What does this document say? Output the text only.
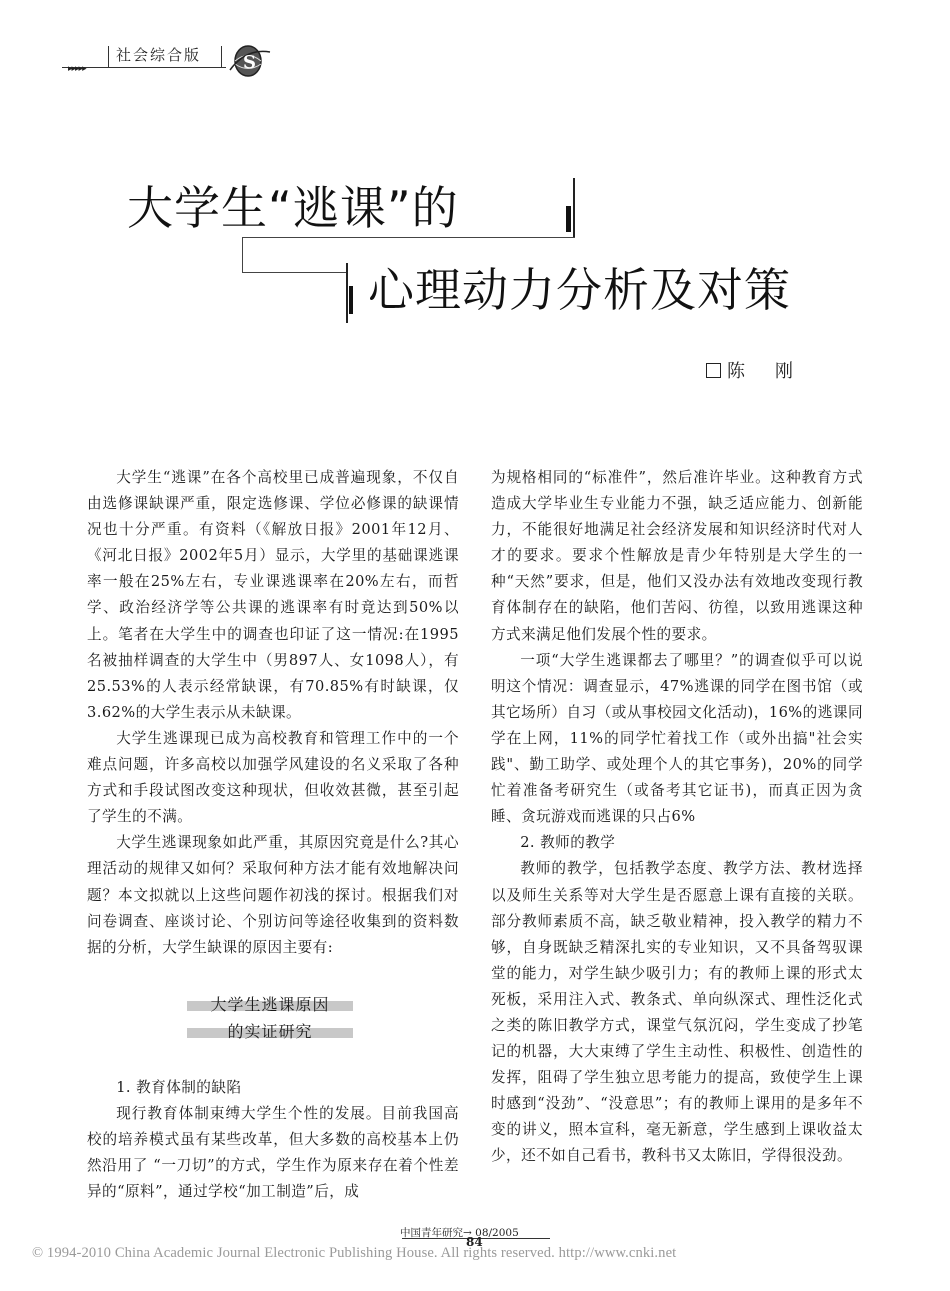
社会综合版
▸▸▸▸▸	S
大学生“逃课”的
心理动力分析及对策
陈　刚

大学生“逃课”在各个高校里已成普遍现象，不仅自由选修课缺课严重，限定选修课、学位必修课的缺课情况也十分严重。有资料（《解放日报》2001年12月、《河北日报》2002年5月）显示，大学里的基础课逃课率一般在25%左右，专业课逃课率在20%左右，而哲学、政治经济学等公共课的逃课率有时竟达到50%以上。笔者在大学生中的调查也印证了这一情况:在1995名被抽样调查的大学生中（男897人、女1098人），有25.53%的人表示经常缺课，有70.85%有时缺课，仅3.62%的大学生表示从未缺课。

大学生逃课现已成为高校教育和管理工作中的一个难点问题，许多高校以加强学风建设的名义采取了各种方式和手段试图改变这种现状，但收效甚微，甚至引起了学生的不满。

大学生逃课现象如此严重，其原因究竟是什么?其心理活动的规律又如何？采取何种方法才能有效地解决问题？本文拟就以上这些问题作初浅的探讨。根据我们对问卷调查、座谈讨论、个别访问等途径收集到的资料数据的分析，大学生缺课的原因主要有:

大学生逃课原因
的实证研究

1. 教育体制的缺陷

现行教育体制束缚大学生个性的发展。目前我国高校的培养模式虽有某些改革，但大多数的高校基本上仍然沿用了 “一刀切”的方式，学生作为原来存在着个性差异的“原料”，通过学校“加工制造”后，成

为规格相同的“标准件”，然后准许毕业。这种教育方式造成大学毕业生专业能力不强，缺乏适应能力、创新能力，不能很好地满足社会经济发展和知识经济时代对人才的要求。要求个性解放是青少年特别是大学生的一种“天然”要求，但是，他们又没办法有效地改变现行教育体制存在的缺陷，他们苦闷、彷徨，以致用逃课这种方式来满足他们发展个性的要求。

一项“大学生逃课都去了哪里？”的调查似乎可以说明这个情况：调查显示，47%逃课的同学在图书馆（或其它场所）自习（或从事校园文化活动)，16%的逃课同学在上网，11%的同学忙着找工作（或外出搞"社会实践"、勤工助学、或处理个人的其它事务)，20%的同学忙着准备考研究生（或备考其它证书)，而真正因为贪睡、贪玩游戏而逃课的只占6%

2. 教师的教学

教师的教学，包括教学态度、教学方法、教材选择以及师生关系等对大学生是否愿意上课有直接的关联。部分教师素质不高，缺乏敬业精神，投入教学的精力不够，自身既缺乏精深扎实的专业知识，又不具备驾驭课堂的能力，对学生缺少吸引力；有的教师上课的形式太死板，采用注入式、教条式、单向纵深式、理性泛化式之类的陈旧教学方式，课堂气氛沉闷，学生变成了抄笔记的机器，大大束缚了学生主动性、积极性、创造性的发挥，阻碍了学生独立思考能力的提高，致使学生上课时感到“没劲”、“没意思”；有的教师上课用的是多年不变的讲义，照本宣科，毫无新意，学生感到上课收益太少，还不如自己看书，教科书又太陈旧，学得很没劲。

中国青年研究→ 08/2005
84
© 1994-2010 China Academic Journal Electronic Publishing House. All rights reserved. http://www.cnki.net
